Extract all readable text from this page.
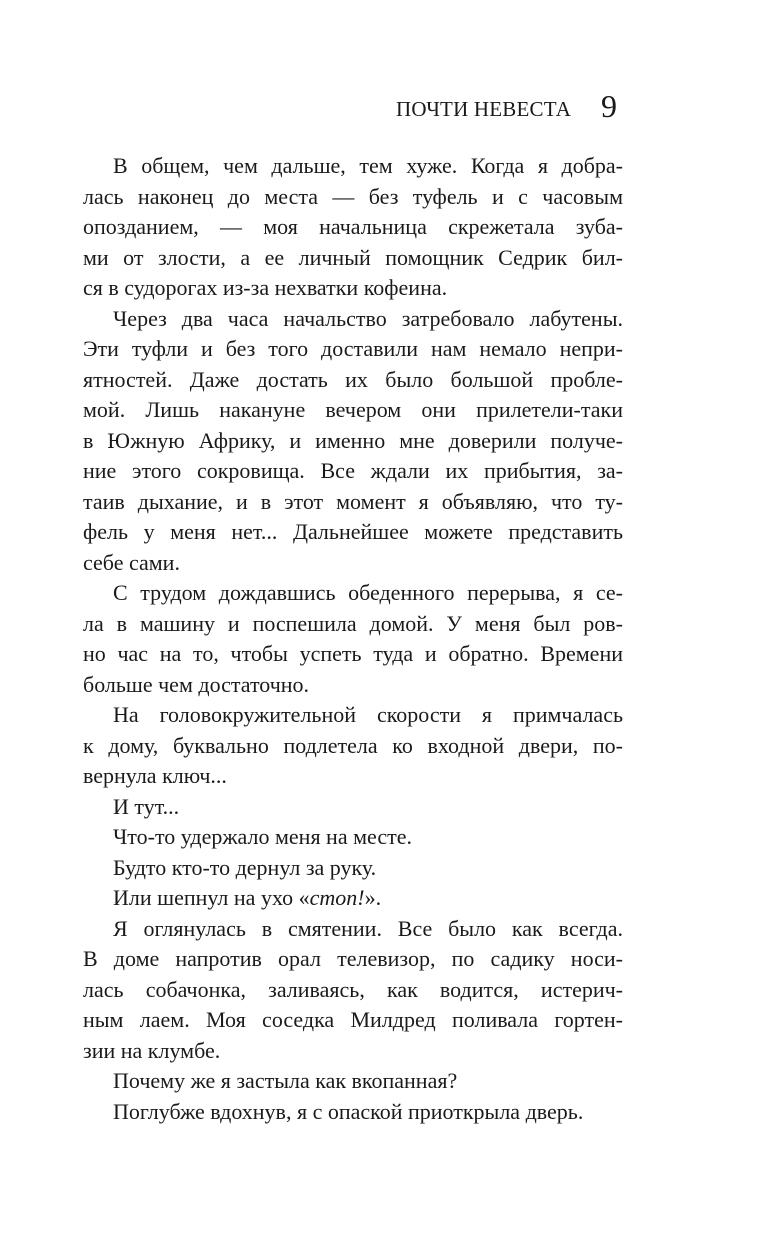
ПОЧТИ НЕВЕСТА 9
В общем, чем дальше, тем хуже. Когда я добра-
лась наконец до места — без туфель и с часовым
опозданием, — моя начальница скрежетала зуба-
ми от злости, а ее личный помощник Седрик бил-
ся в судорогах из-за нехватки кофеина.
Через два часа начальство затребовало лабутены.
Эти туфли и без того доставили нам немало непри-
ятностей. Даже достать их было большой пробле-
мой. Лишь накануне вечером они прилетели-таки
в Южную Африку, и именно мне доверили получе-
ние этого сокровища. Все ждали их прибытия, за-
таив дыхание, и в этот момент я объявляю, что ту-
фель у меня нет... Дальнейшее можете представить
себе сами.
С трудом дождавшись обеденного перерыва, я се-
ла в машину и поспешила домой. У меня был ров-
но час на то, чтобы успеть туда и обратно. Времени
больше чем достаточно.
На головокружительной скорости я примчалась
к дому, буквально подлетела ко входной двери, по-
вернула ключ...
И тут...
Что-то удержало меня на месте.
Будто кто-то дернул за руку.
Или шепнул на ухо «стоп!».
Я оглянулась в смятении. Все было как всегда.
В доме напротив орал телевизор, по садику носи-
лась собачонка, заливаясь, как водится, истерич-
ным лаем. Моя соседка Милдред поливала гортен-
зии на клумбе.
Почему же я застыла как вкопанная?
Поглубже вдохнув, я с опаской приоткрыла дверь.
